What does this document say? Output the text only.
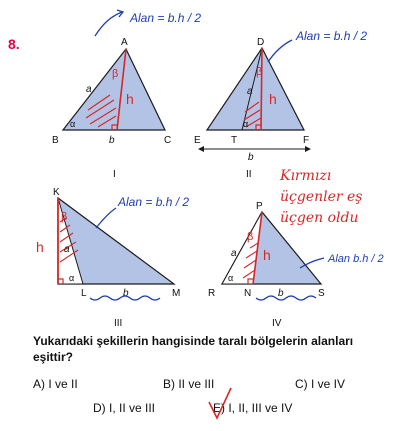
8.
a
b
α
h
β
A
B	C
I
Alan = b.h / 2
a
b
α
h
β
D
E	T	F
II
Alan = b.h / 2
a
b
α
h
β
K
L	M
III
Alan = b.h / 2
a
b
α
h
β
P
R	N	S
IV
Alan b.h / 2
Kırmızı üçgenler eş üçgen oldu
Yukarıdaki şekillerin hangisinde taralı bölgelerin alanları eşittir?
A) I ve II	B) II ve III	C) I ve IV
D) I, II ve III	E) I, II, III ve IV
